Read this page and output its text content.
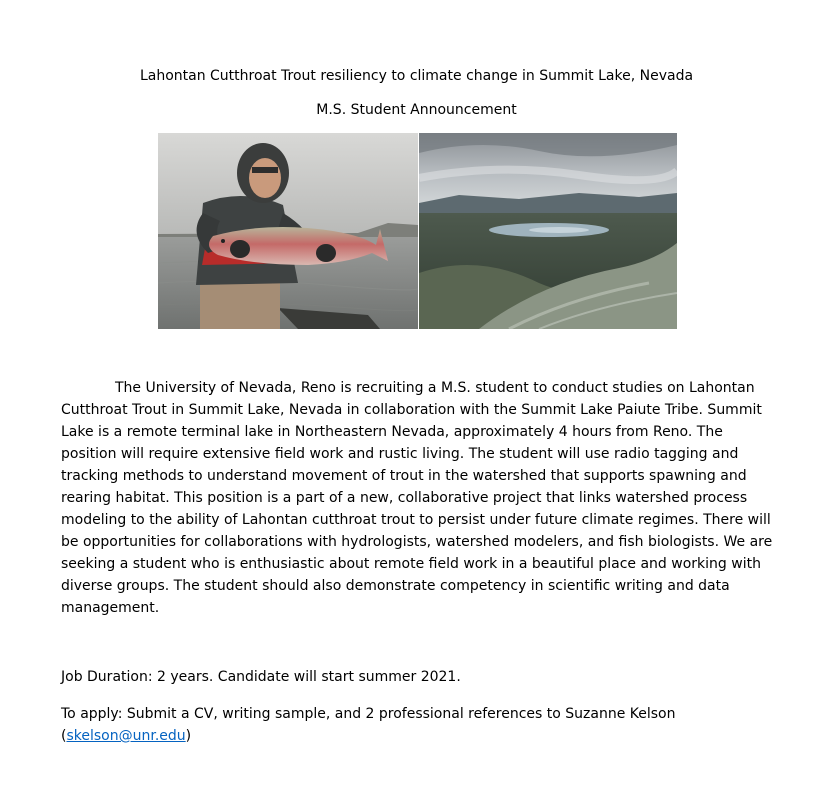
Lahontan Cutthroat Trout resiliency to climate change in Summit Lake, Nevada
M.S. Student Announcement

The University of Nevada, Reno is recruiting a M.S. student to conduct studies on Lahontan Cutthroat Trout in Summit Lake, Nevada in collaboration with the Summit Lake Paiute Tribe. Summit Lake is a remote terminal lake in Northeastern Nevada, approximately 4 hours from Reno. The position will require extensive field work and rustic living. The student will use radio tagging and tracking methods to understand movement of trout in the watershed that supports spawning and rearing habitat. This position is a part of a new, collaborative project that links watershed process modeling to the ability of Lahontan cutthroat trout to persist under future climate regimes. There will be opportunities for collaborations with hydrologists, watershed modelers, and fish biologists. We are seeking a student who is enthusiastic about remote field work in a beautiful place and working with diverse groups. The student should also demonstrate competency in scientific writing and data management.

Job Duration: 2 years. Candidate will start summer 2021.

To apply: Submit a CV, writing sample, and 2 professional references to Suzanne Kelson
(skelson@unr.edu)
